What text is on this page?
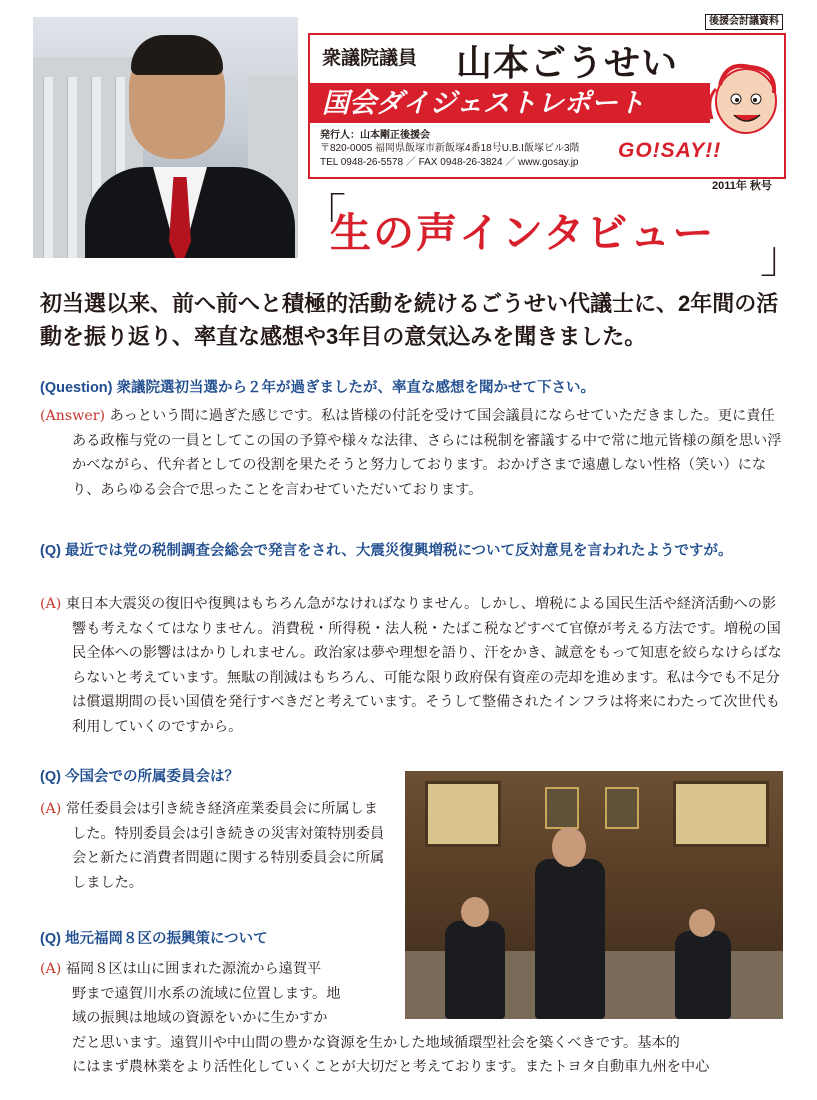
後援会討議資料
衆議院議員 山本ごうせい
国会ダイジェストレポート
発行人：山本剛正後援会
〒820-0005 福岡県飯塚市新飯塚4番18号U.B.I飯塚ビル3階
TEL 0948-26-5578 ／ FAX 0948-26-3824 ／ www.gosay.jp
GO!SAY!!
2011年 秋号
「
生の声インタビュー 」
初当選以来、前へ前へと積極的活動を続けるごうせい代議士に、2年間の活動を振り返り、率直な感想や3年目の意気込みを聞きました。
(Question) 衆議院選初当選から２年が過ぎましたが、率直な感想を聞かせて下さい。
(Answer) あっという間に過ぎた感じです。私は皆様の付託を受けて国会議員にならせていただきました。更に責任ある政権与党の一員としてこの国の予算や様々な法律、さらには税制を審議する中で常に地元皆様の顔を思い浮かべながら、代弁者としての役割を果たそうと努力しております。おかげさまで遠慮しない性格（笑い）になり、あらゆる会合で思ったことを言わせていただいております。
(Q) 最近では党の税制調査会総会で発言をされ、大震災復興増税について反対意見を言われたようですが。
(A) 東日本大震災の復旧や復興はもちろん急がなければなりません。しかし、増税による国民生活や経済活動への影響も考えなくてはなりません。消費税・所得税・法人税・たばこ税などすべて官僚が考える方法です。増税の国民全体への影響ははかりしれません。政治家は夢や理想を語り、汗をかき、誠意をもって知恵を絞らなけらばならないと考えています。無駄の削減はもちろん、可能な限り政府保有資産の売却を進めます。私は今でも不足分は償還期間の長い国債を発行すべきだと考えています。そうして整備されたインフラは将来にわたって次世代も利用していくのですから。
(Q) 今国会での所属委員会は？
(A) 常任委員会は引き続き経済産業委員会に所属しました。特別委員会は引き続きの災害対策特別委員会と新たに消費者問題に関する特別委員会に所属しました。
(Q) 地元福岡８区の振興策について
(A) 福岡８区は山に囲まれた源流から遠賀平
野まで遠賀川水系の流域に位置します。地
域の振興は地域の資源をいかに生かすか
だと思います。遠賀川や中山間の豊かな資源を生かした地域循環型社会を築くべきです。基本的
にはまず農林業をより活性化していくことが大切だと考えております。またトヨタ自動車九州を中心
